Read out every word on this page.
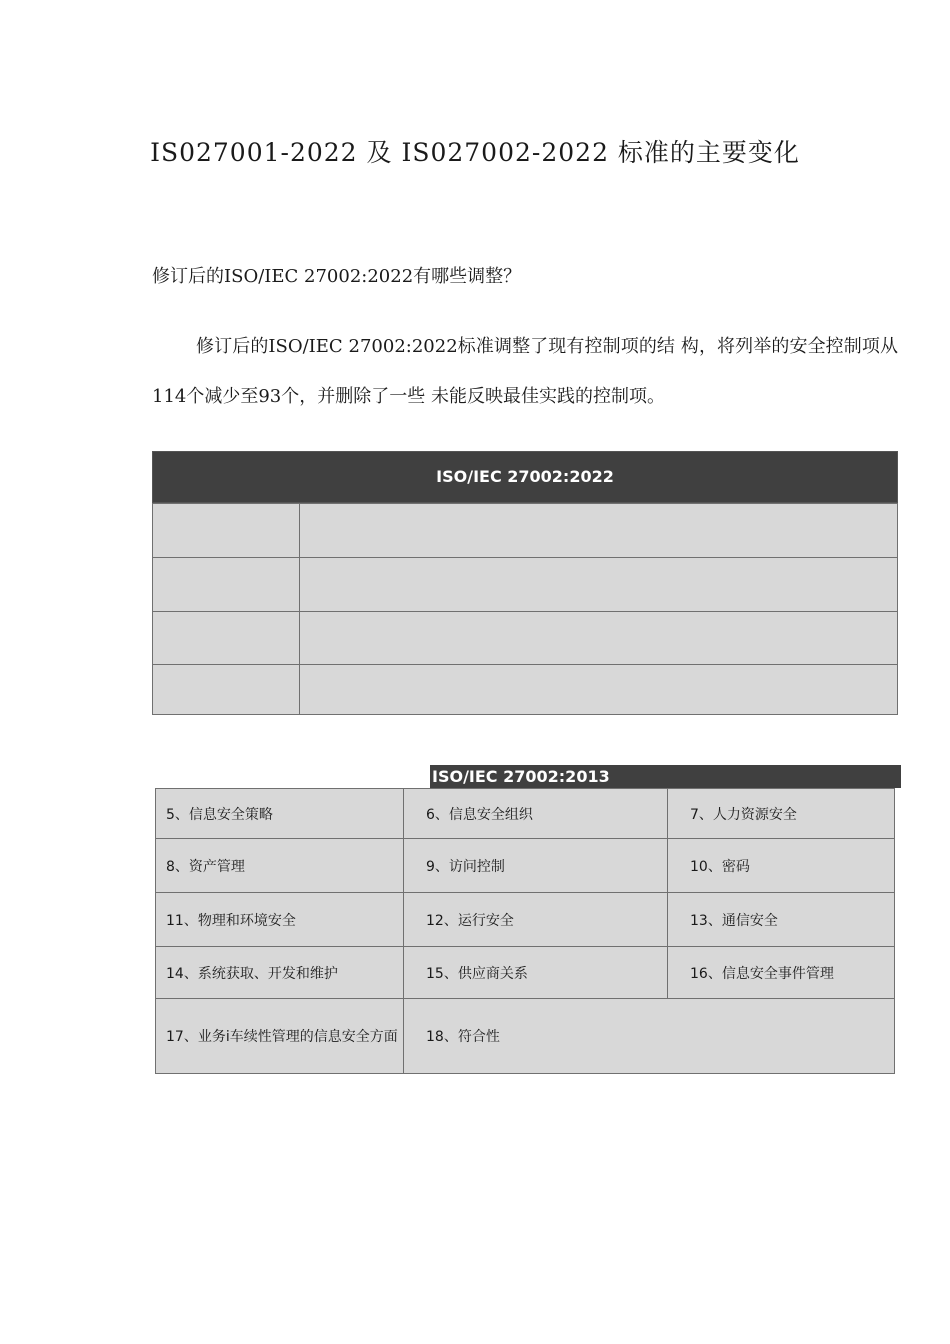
IS027001-2022 及 IS027002-2022 标准的主要变化
修订后的ISO/IEC 27002:2022有哪些调整？
修订后的ISO/IEC 27002:2022标准调整了现有控制项的结 构，将列举的安全控制项从114个减少至93个，并删除了一些 未能反映最佳实践的控制项。
ISO/IEC 27002:2022

ISO/IEC 27002:2013
5、信息安全策略	6、信息安全组织	7、人力资源安全
8、资产管理	9、访问控制	10、密码
11、物理和环境安全	12、运行安全	13、通信安全
14、系统获取、开发和维护	15、供应商关系	16、信息安全事件管理
17、业务i车续性管理的信息安全方面	18、符合性	
